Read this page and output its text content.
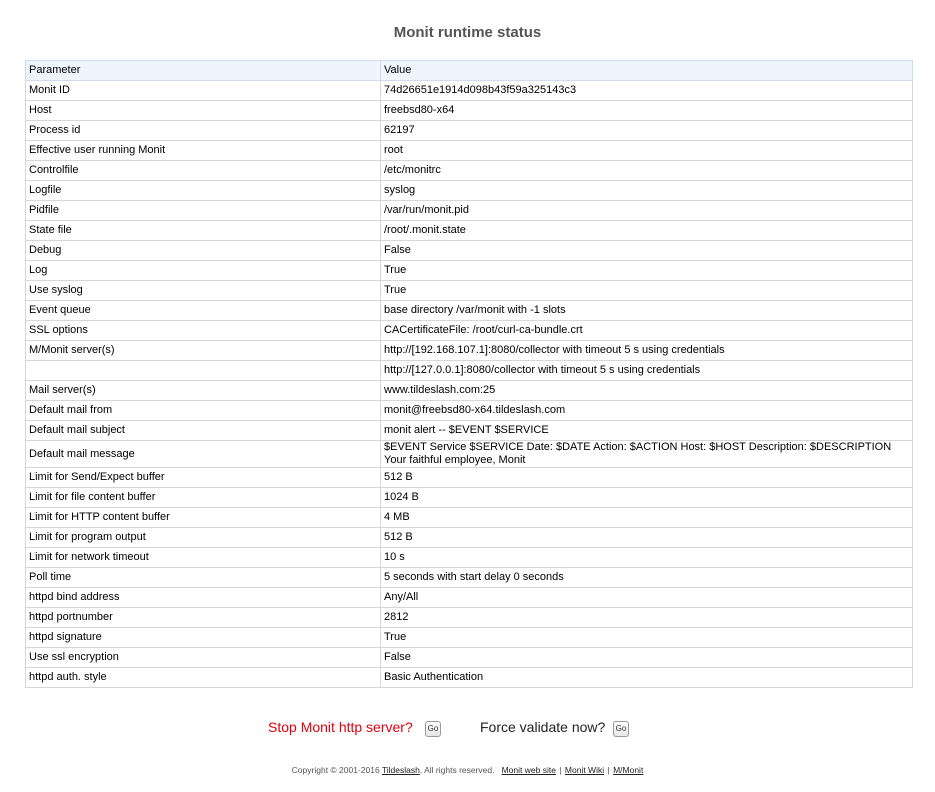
Monit runtime status
Parameter	Value
Monit ID	74d26651e1914d098b43f59a325143c3
Host	freebsd80-x64
Process id	62197
Effective user running Monit	root
Controlfile	/etc/monitrc
Logfile	syslog
Pidfile	/var/run/monit.pid
State file	/root/.monit.state
Debug	False
Log	True
Use syslog	True
Event queue	base directory /var/monit with -1 slots
SSL options	CACertificateFile: /root/curl-ca-bundle.crt
M/Monit server(s)	http://[192.168.107.1]:8080/collector with timeout 5 s using credentials
	http://[127.0.0.1]:8080/collector with timeout 5 s using credentials
Mail server(s)	www.tildeslash.com:25
Default mail from	monit@freebsd80-x64.tildeslash.com
Default mail subject	monit alert -- $EVENT $SERVICE
Default mail message	$EVENT Service $SERVICE Date: $DATE Action: $ACTION Host: $HOST Description: $DESCRIPTION Your faithful employee, Monit
Limit for Send/Expect buffer	512 B
Limit for file content buffer	1024 B
Limit for HTTP content buffer	4 MB
Limit for program output	512 B
Limit for network timeout	10 s
Poll time	5 seconds with start delay 0 seconds
httpd bind address	Any/All
httpd portnumber	2812
httpd signature	True
Use ssl encryption	False
httpd auth. style	Basic Authentication
Stop Monit http server?	Go	Force validate now?	Go
Copyright © 2001-2016 Tildeslash. All rights reserved. Monit web site | Monit Wiki | M/Monit
